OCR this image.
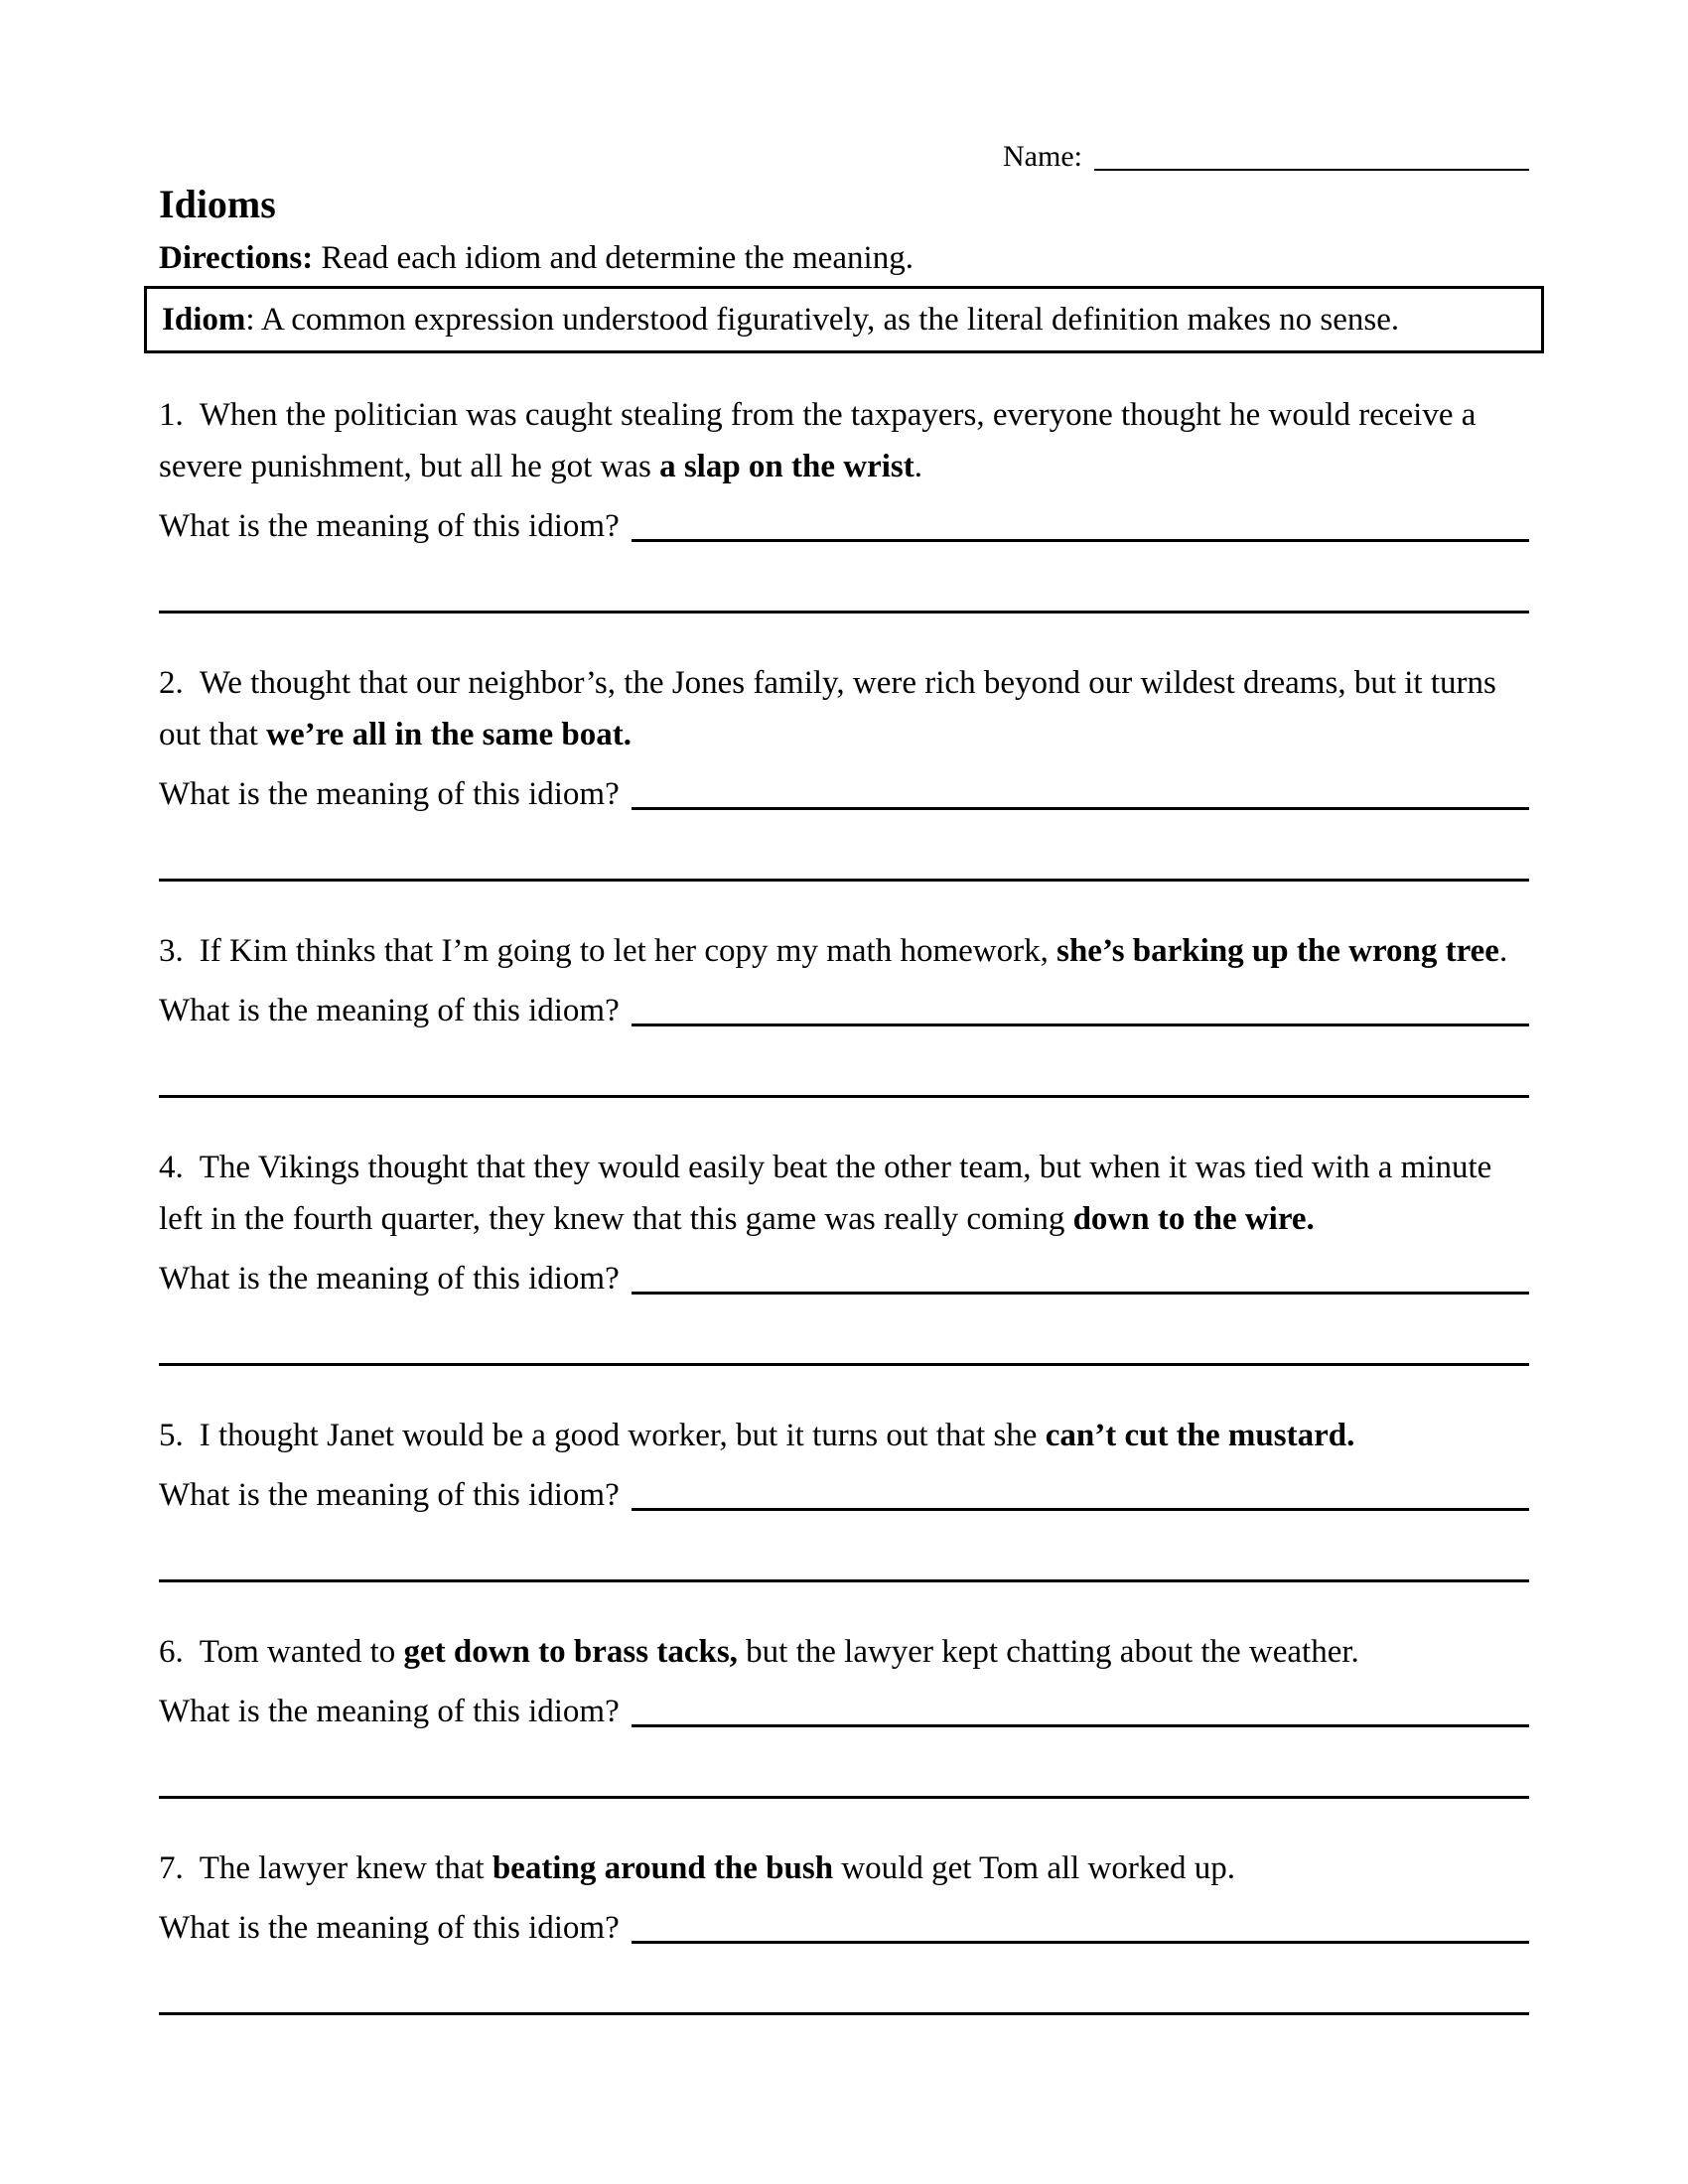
Name:
Idioms
Directions: Read each idiom and determine the meaning.
Idiom: A common expression understood figuratively, as the literal definition makes no sense.
1. When the politician was caught stealing from the taxpayers, everyone thought he would receive a severe punishment, but all he got was a slap on the wrist.
What is the meaning of this idiom?
2. We thought that our neighbor’s, the Jones family, were rich beyond our wildest dreams, but it turns out that we’re all in the same boat.
What is the meaning of this idiom?
3. If Kim thinks that I’m going to let her copy my math homework, she’s barking up the wrong tree.
What is the meaning of this idiom?
4. The Vikings thought that they would easily beat the other team, but when it was tied with a minute left in the fourth quarter, they knew that this game was really coming down to the wire.
What is the meaning of this idiom?
5. I thought Janet would be a good worker, but it turns out that she can’t cut the mustard.
What is the meaning of this idiom?
6. Tom wanted to get down to brass tacks, but the lawyer kept chatting about the weather.
What is the meaning of this idiom?
7. The lawyer knew that beating around the bush would get Tom all worked up.
What is the meaning of this idiom?
